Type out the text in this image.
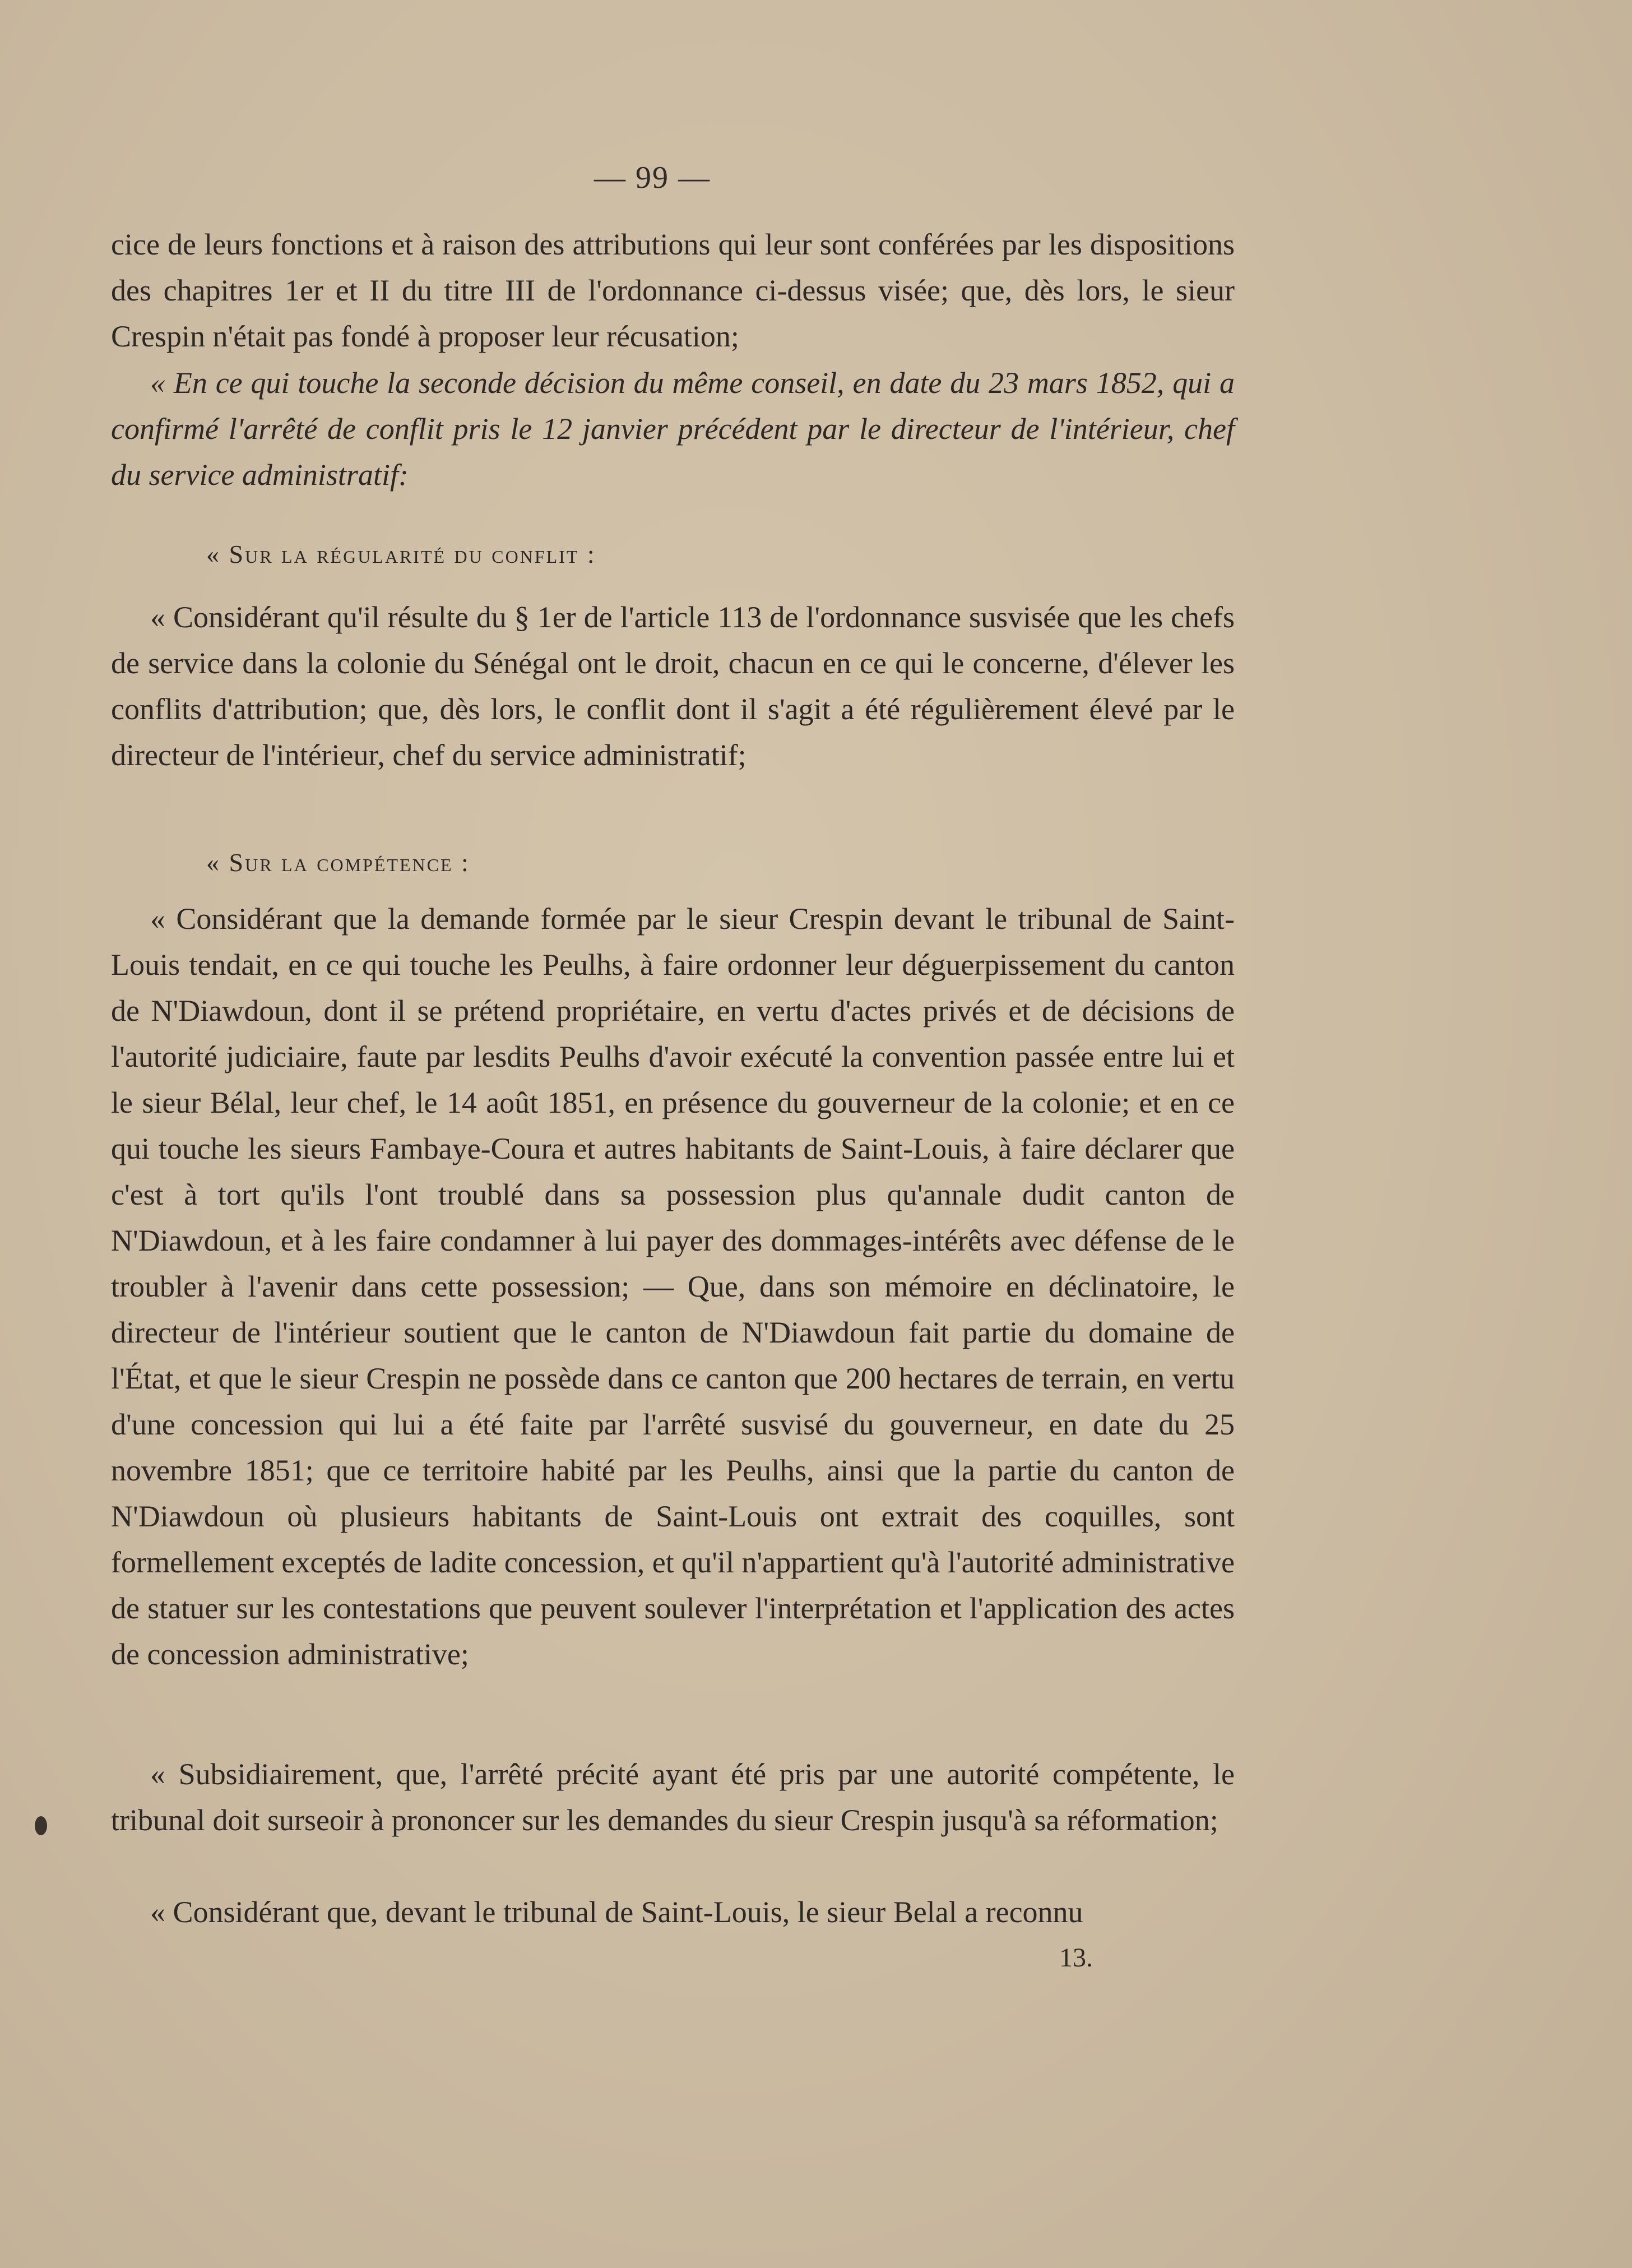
— 99 —

cice de leurs fonctions et à raison des attributions qui leur sont conférées par les dispositions des chapitres 1er et II du titre III de l'ordonnance ci-dessus visée; que, dès lors, le sieur Crespin n'était pas fondé à proposer leur récusation;

« En ce qui touche la seconde décision du même conseil, en date du 23 mars 1852, qui a confirmé l'arrêté de conflit pris le 12 janvier précédent par le directeur de l'intérieur, chef du service administratif:

« Sur la régularité du conflit :

« Considérant qu'il résulte du § 1er de l'article 113 de l'ordonnance susvisée que les chefs de service dans la colonie du Sénégal ont le droit, chacun en ce qui le concerne, d'élever les conflits d'attribution; que, dès lors, le conflit dont il s'agit a été régulièrement élevé par le directeur de l'intérieur, chef du service administratif;

« Sur la compétence :

« Considérant que la demande formée par le sieur Crespin devant le tribunal de Saint-Louis tendait, en ce qui touche les Peulhs, à faire ordonner leur déguerpissement du canton de N'Diawdoun, dont il se prétend propriétaire, en vertu d'actes privés et de décisions de l'autorité judiciaire, faute par lesdits Peulhs d'avoir exécuté la convention passée entre lui et le sieur Bélal, leur chef, le 14 août 1851, en présence du gouverneur de la colonie; et en ce qui touche les sieurs Fambaye-Coura et autres habitants de Saint-Louis, à faire déclarer que c'est à tort qu'ils l'ont troublé dans sa possession plus qu'annale dudit canton de N'Diawdoun, et à les faire condamner à lui payer des dommages-intérêts avec défense de le troubler à l'avenir dans cette possession; — Que, dans son mémoire en déclinatoire, le directeur de l'intérieur soutient que le canton de N'Diawdoun fait partie du domaine de l'État, et que le sieur Crespin ne possède dans ce canton que 200 hectares de terrain, en vertu d'une concession qui lui a été faite par l'arrêté susvisé du gouverneur, en date du 25 novembre 1851; que ce territoire habité par les Peulhs, ainsi que la partie du canton de N'Diawdoun où plusieurs habitants de Saint-Louis ont extrait des coquilles, sont formellement exceptés de ladite concession, et qu'il n'appartient qu'à l'autorité administrative de statuer sur les contestations que peuvent soulever l'interprétation et l'application des actes de concession administrative;

« Subsidiairement, que, l'arrêté précité ayant été pris par une autorité compétente, le tribunal doit surseoir à prononcer sur les demandes du sieur Crespin jusqu'à sa réformation;

« Considérant que, devant le tribunal de Saint-Louis, le sieur Belal a reconnu

13.
